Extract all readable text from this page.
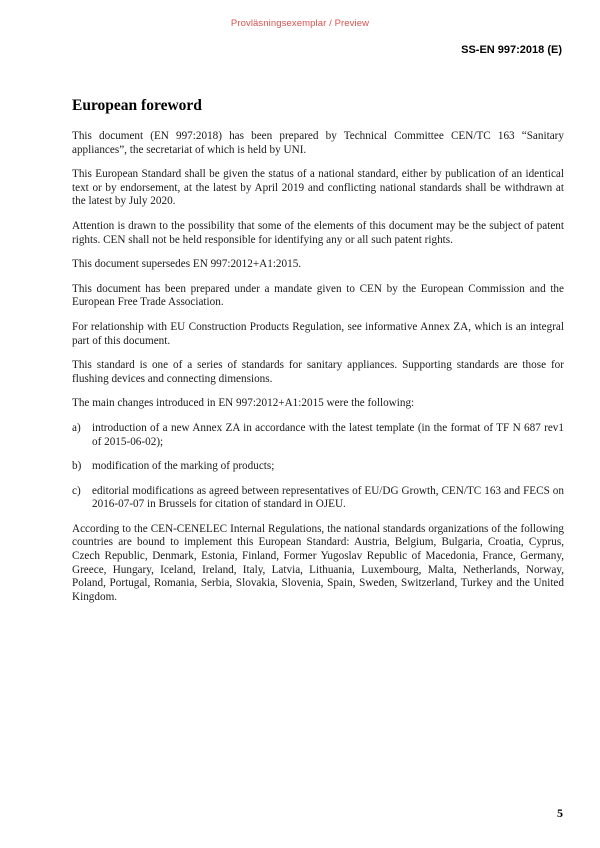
Provläsningsexemplar / Preview
SS-EN 997:2018 (E)
European foreword

This document (EN 997:2018) has been prepared by Technical Committee CEN/TC 163 “Sanitary appliances”, the secretariat of which is held by UNI.

This European Standard shall be given the status of a national standard, either by publication of an identical text or by endorsement, at the latest by April 2019 and conflicting national standards shall be withdrawn at the latest by July 2020.

Attention is drawn to the possibility that some of the elements of this document may be the subject of patent rights. CEN shall not be held responsible for identifying any or all such patent rights.

This document supersedes EN 997:2012+A1:2015.

This document has been prepared under a mandate given to CEN by the European Commission and the European Free Trade Association.

For relationship with EU Construction Products Regulation, see informative Annex ZA, which is an integral part of this document.

This standard is one of a series of standards for sanitary appliances. Supporting standards are those for flushing devices and connecting dimensions.

The main changes introduced in EN 997:2012+A1:2015 were the following:

a)	introduction of a new Annex ZA in accordance with the latest template (in the format of TF N 687 rev1 of 2015-06-02);
b) modification of the marking of products;
c)	editorial modifications as agreed between representatives of EU/DG Growth, CEN/TC 163 and FECS on 2016-07-07 in Brussels for citation of standard in OJEU.

According to the CEN-CENELEC Internal Regulations, the national standards organizations of the following countries are bound to implement this European Standard: Austria, Belgium, Bulgaria, Croatia, Cyprus, Czech Republic, Denmark, Estonia, Finland, Former Yugoslav Republic of Macedonia, France, Germany, Greece, Hungary, Iceland, Ireland, Italy, Latvia, Lithuania, Luxembourg, Malta, Netherlands, Norway, Poland, Portugal, Romania, Serbia, Slovakia, Slovenia, Spain, Sweden, Switzerland, Turkey and the United Kingdom.

5
